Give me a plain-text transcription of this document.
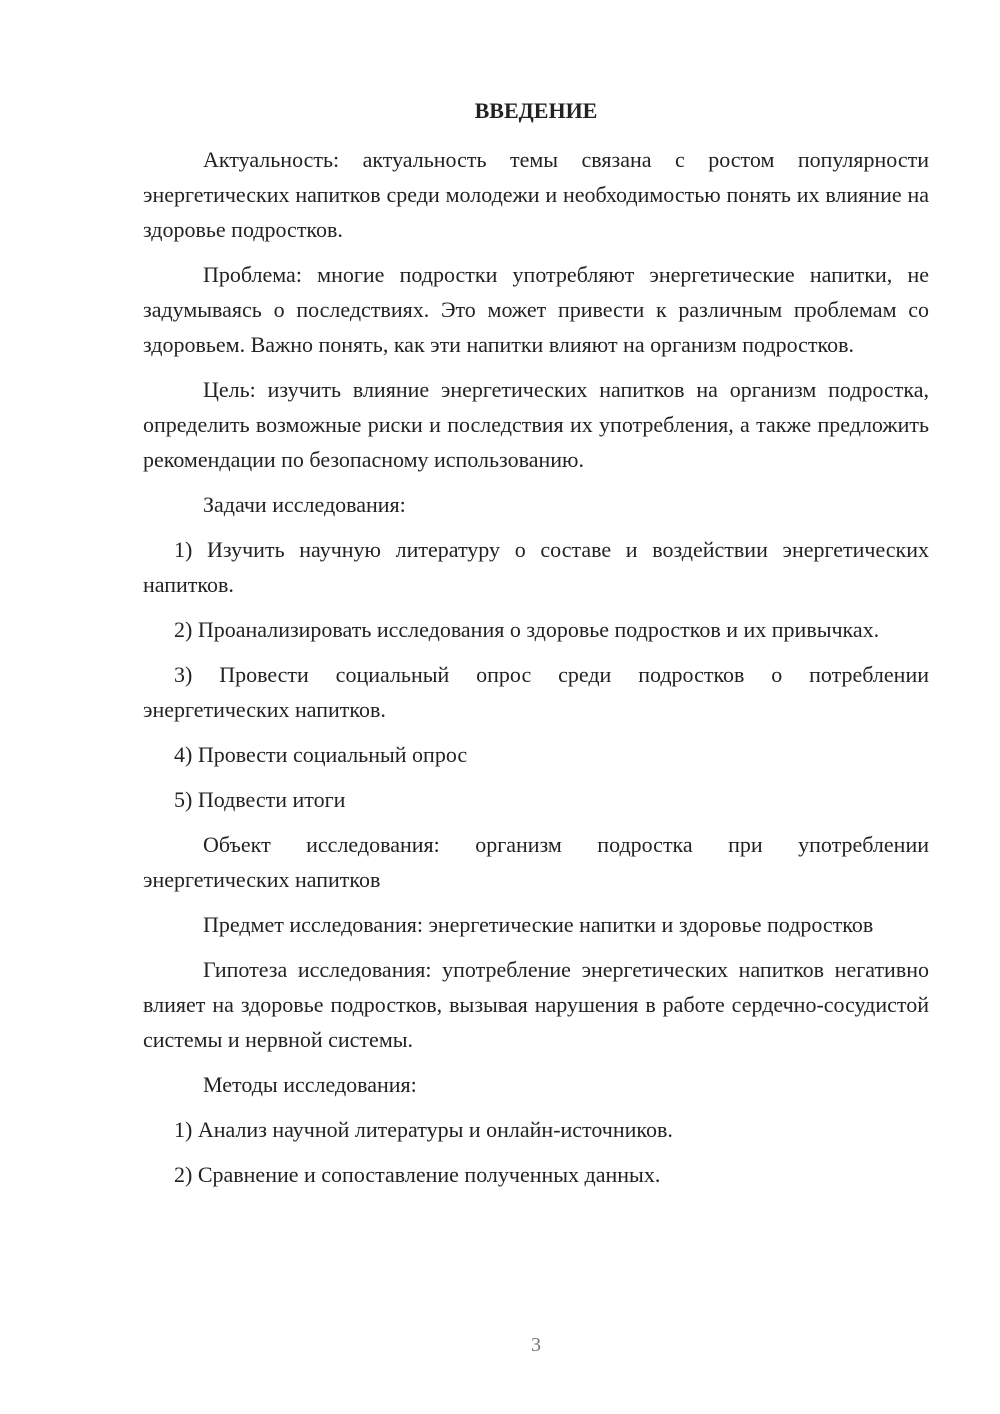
ВВЕДЕНИЕ

Актуальность: актуальность темы связана с ростом популярности энергетических напитков среди молодежи и необходимостью понять их влияние на здоровье подростков.

Проблема: многие подростки употребляют энергетические напитки, не задумываясь о последствиях. Это может привести к различным проблемам со здоровьем. Важно понять, как эти напитки влияют на организм подростков.

Цель: изучить влияние энергетических напитков на организм подростка, определить возможные риски и последствия их употребления, а также предложить рекомендации по безопасному использованию.

Задачи исследования:

1) Изучить научную литературу о составе и воздействии энергетических напитков.

2) Проанализировать исследования о здоровье подростков и их привычках.

3) Провести социальный опрос среди подростков о потреблении энергетических напитков.

4) Провести социальный опрос

5) Подвести итоги

Объект исследования: организм подростка при употреблении энергетических напитков

Предмет исследования: энергетические напитки и здоровье подростков

Гипотеза исследования: употребление энергетических напитков негативно влияет на здоровье подростков, вызывая нарушения в работе сердечно-сосудистой системы и нервной системы.

Методы исследования:

1) Анализ научной литературы и онлайн-источников.

2) Сравнение и сопоставление полученных данных.

3
